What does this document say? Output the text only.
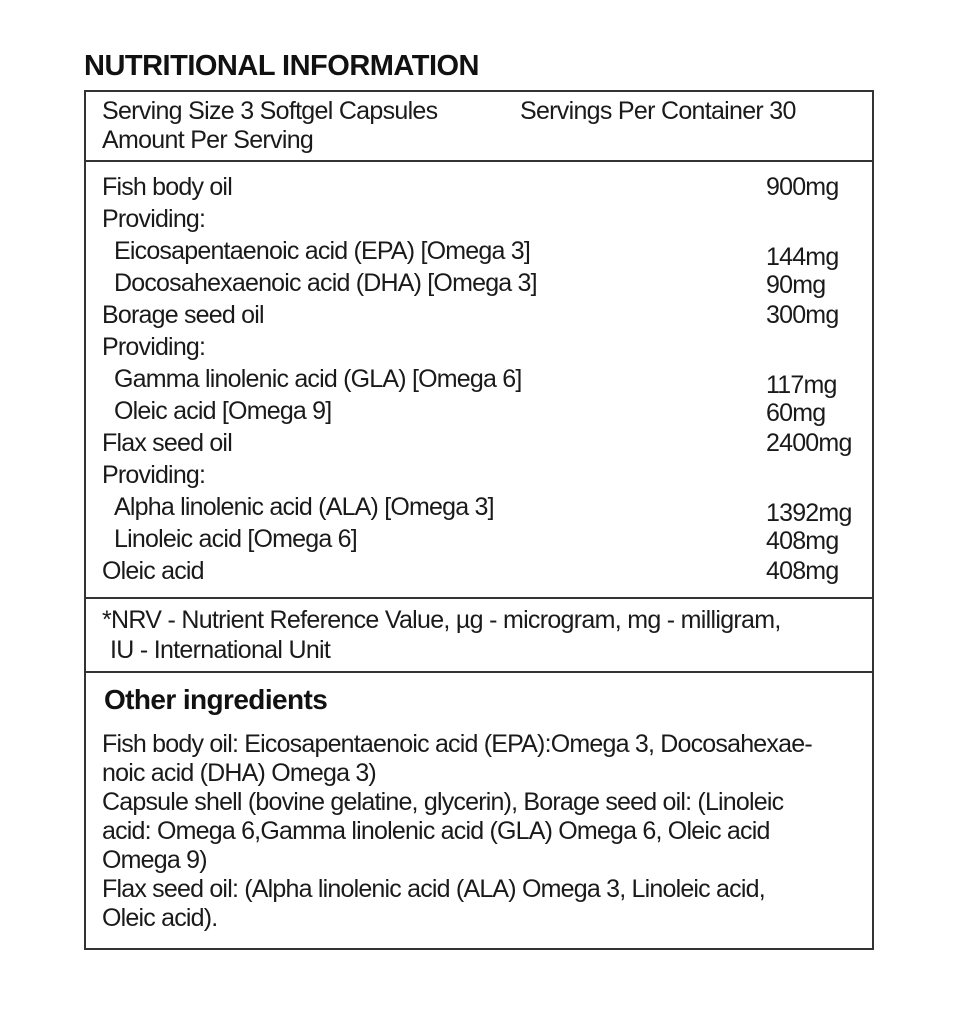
NUTRITIONAL INFORMATION
Serving Size 3 Softgel Capsules	Servings Per Container 30
Amount Per Serving
Fish body oil	900mg
Providing:
Eicosapentaenoic acid (EPA) [Omega 3]	144mg
Docosahexaenoic acid (DHA) [Omega 3]	90mg
Borage seed oil	300mg
Providing:
Gamma linolenic acid (GLA) [Omega 6]	117mg
Oleic acid [Omega 9]	60mg
Flax seed oil	2400mg
Providing:
Alpha linolenic acid (ALA) [Omega 3]	1392mg
Linoleic acid [Omega 6]	408mg
Oleic acid	408mg
*NRV - Nutrient Reference Value, µg - microgram, mg - milligram,
IU - International Unit
Other ingredients
Fish body oil: Eicosapentaenoic acid (EPA):Omega 3, Docosahexae-
noic acid (DHA) Omega 3)
Capsule shell (bovine gelatine, glycerin), Borage seed oil: (Linoleic
acid: Omega 6,Gamma linolenic acid (GLA) Omega 6, Oleic acid
Omega 9)
Flax seed oil: (Alpha linolenic acid (ALA) Omega 3, Linoleic acid,
Oleic acid).
